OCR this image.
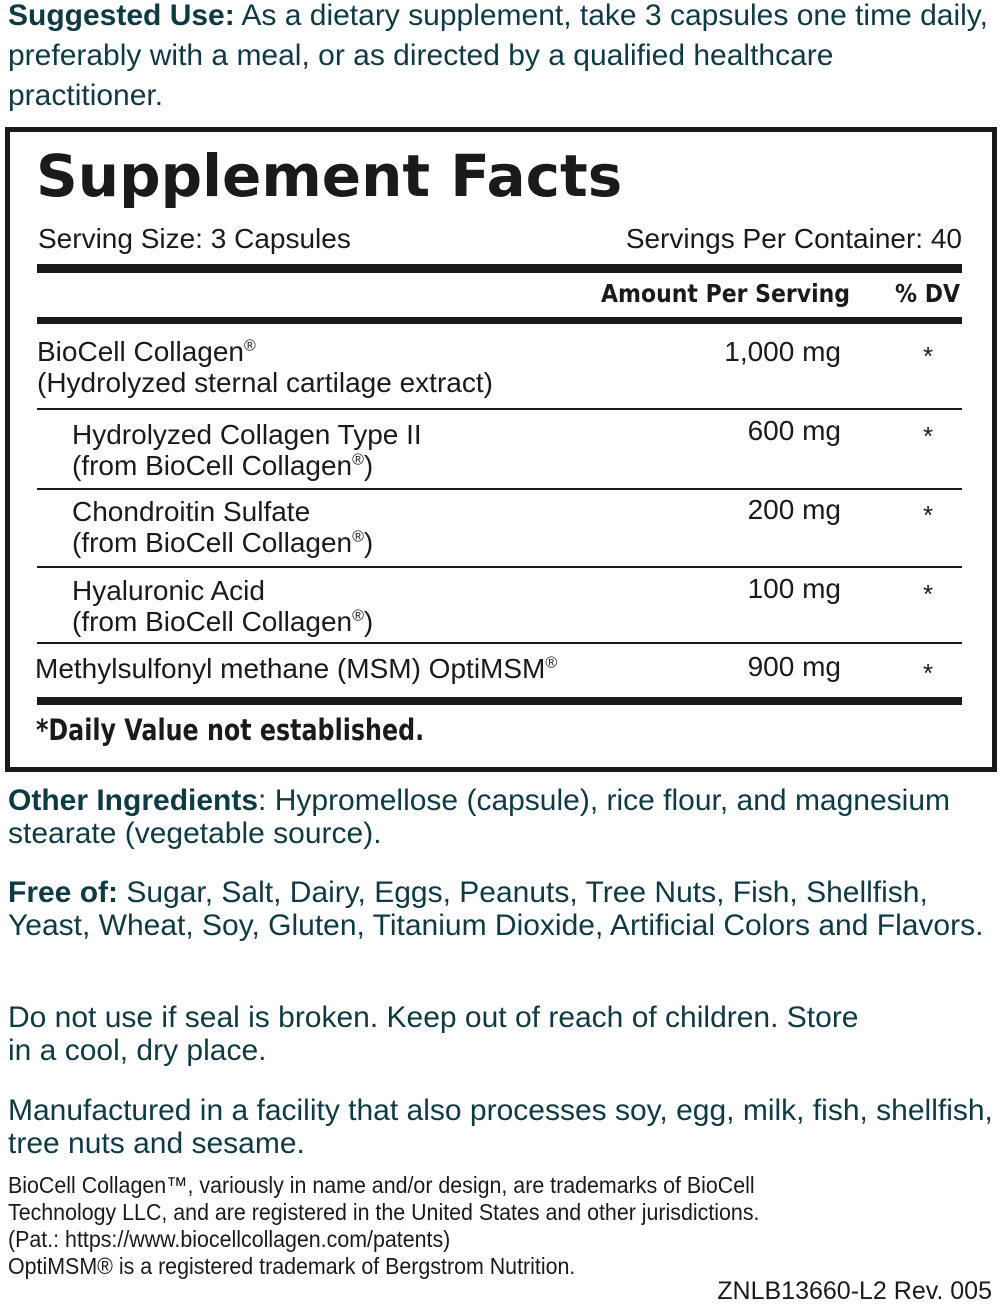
Suggested Use: As a dietary supplement, take 3 capsules one time daily, preferably with a meal, or as directed by a qualified healthcare practitioner.
Supplement Facts
Serving Size: 3 Capsules	Servings Per Container: 40
Amount Per Serving % DV
BioCell Collagen®
(Hydrolyzed sternal cartilage extract)
1,000 mg	*
Hydrolyzed Collagen Type II
(from BioCell Collagen®)
600 mg	*
Chondroitin Sulfate
(from BioCell Collagen®)
200 mg	*
Hyaluronic Acid
(from BioCell Collagen®)
100 mg	*
Methylsulfonyl methane (MSM) OptiMSM®	900 mg	*
*Daily Value not established.
Other Ingredients: Hypromellose (capsule), rice flour, and magnesium stearate (vegetable source).
Free of: Sugar, Salt, Dairy, Eggs, Peanuts, Tree Nuts, Fish, Shellfish, Yeast, Wheat, Soy, Gluten, Titanium Dioxide, Artificial Colors and Flavors.
Do not use if seal is broken. Keep out of reach of children. Store in a cool, dry place.
Manufactured in a facility that also processes soy, egg, milk, fish, shellfish, tree nuts and sesame.
BioCell Collagen™, variously in name and/or design, are trademarks of BioCell Technology LLC, and are registered in the United States and other jurisdictions. (Pat.: https://www.biocellcollagen.com/patents)
OptiMSM® is a registered trademark of Bergstrom Nutrition.
ZNLB13660-L2 Rev. 005
